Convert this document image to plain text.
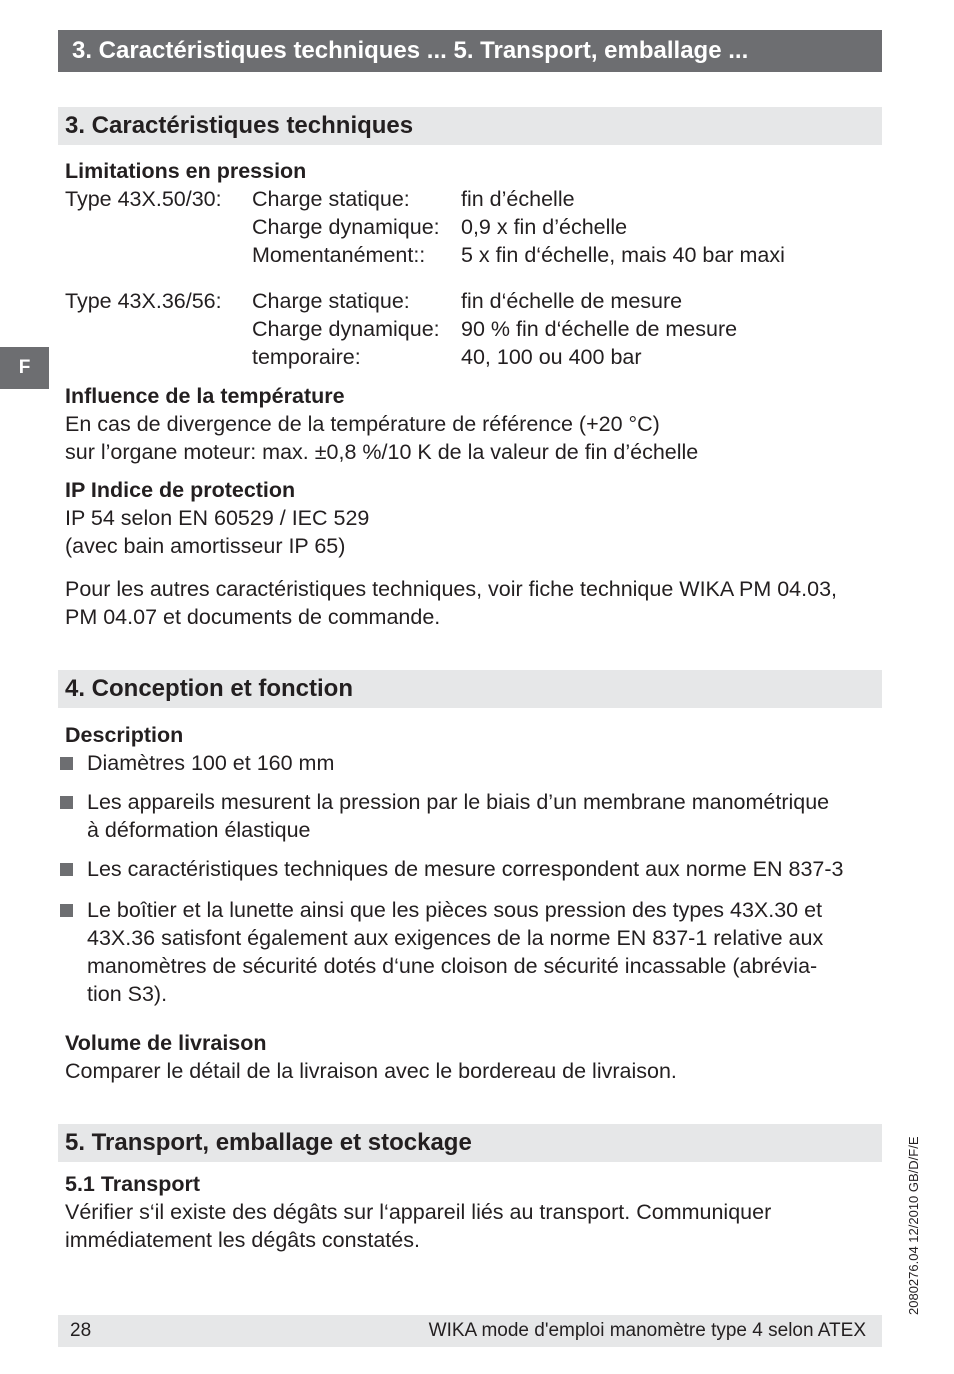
3. Caractéristiques techniques ... 5. Transport, emballage ...
3. Caractéristiques techniques
Limitations en pression
Type 43X.50/30: Charge statique:
Charge dynamique:
Momentanément::
fin d’échelle
0,9 x fin d’échelle
5 x fin d‘échelle, mais 40 bar maxi
Type 43X.36/56: Charge statique:
Charge dynamique:
temporaire:
fin d‘échelle de mesure
90 % fin d‘échelle de mesure
40, 100 ou 400 bar
F
Influence de la température
En cas de divergence de la température de référence (+20 °C)
sur l’organe moteur: max. ±0,8 %/10 K de la valeur de fin d’échelle
IP Indice de protection
IP 54 selon EN 60529 / IEC 529
(avec bain amortisseur IP 65)
Pour les autres caractéristiques techniques, voir fiche technique WIKA PM 04.03,
PM 04.07 et documents de commande.
4. Conception et fonction
Description
Diamètres 100 et 160 mm
Les appareils mesurent la pression par le biais d’un membrane manométrique
à déformation élastique
Les caractéristiques techniques de mesure correspondent aux norme EN 837-3
Le boîtier et la lunette ainsi que les pièces sous pression des types 43X.30 et
43X.36 satisfont également aux exigences de la norme EN 837-1 relative aux
manomètres de sécurité dotés d‘une cloison de sécurité incassable (abrévia-
tion S3).
Volume de livraison
Comparer le détail de la livraison avec le bordereau de livraison.
5. Transport, emballage et stockage
5.1 Transport
Vérifier s‘il existe des dégâts sur l‘appareil liés au transport. Communiquer
immédiatement les dégâts constatés.	2080276.04 12/2010 GB/D/F/E
28	WIKA mode d'emploi manomètre type 4 selon ATEX
